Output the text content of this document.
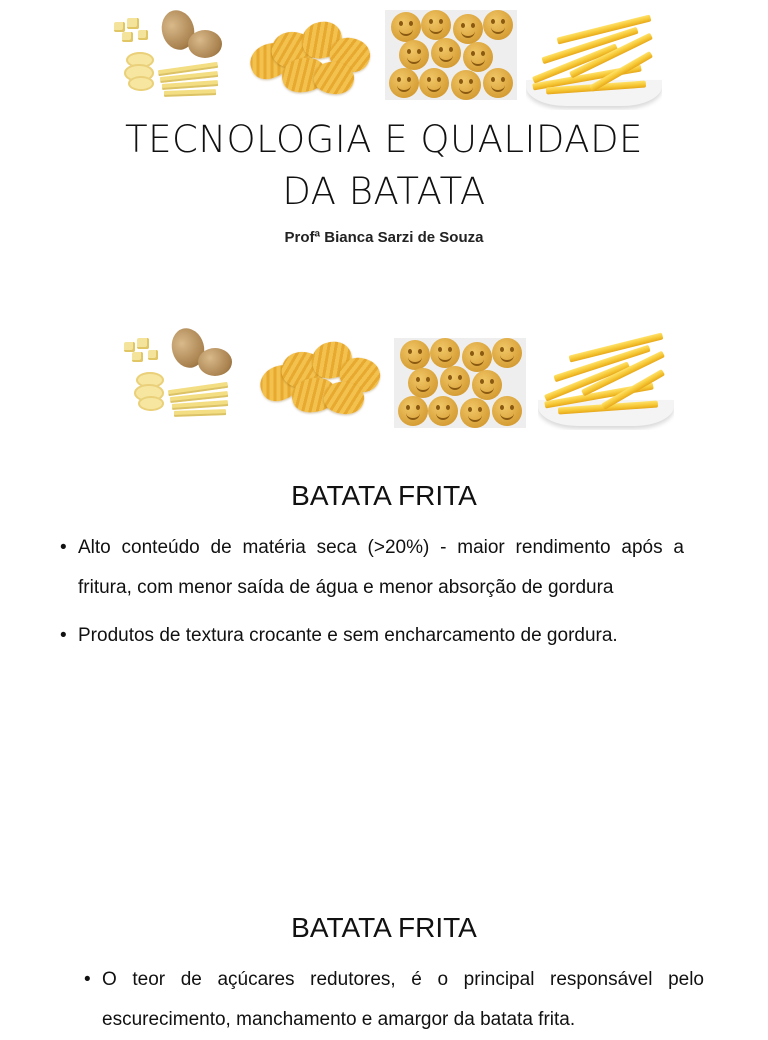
TECNOLOGIA E QUALIDADE
DA BATATA
Profª Bianca Sarzi de Souza
BATATA FRITA
• Alto conteúdo de matéria seca (>20%) - maior rendimento após a fritura, com menor saída de água e menor absorção de gordura
• Produtos de textura crocante e sem encharcamento de gordura.
BATATA FRITA
• O teor de açúcares redutores, é o principal responsável pelo escurecimento, manchamento e amargor da batata frita.
